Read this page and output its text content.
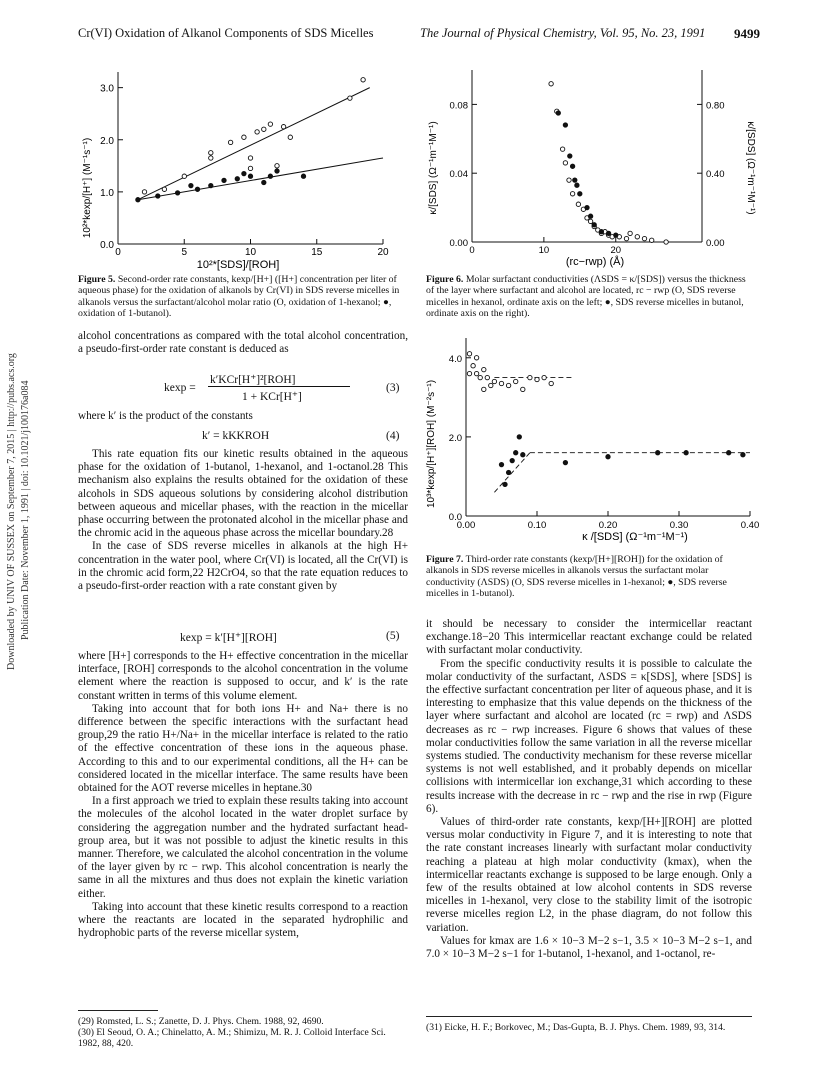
Cr(VI) Oxidation of Alkanol Components of SDS Micelles	The Journal of Physical Chemistry, Vol. 95, No. 23, 1991 9499
Downloaded by UNIV OF SUSSEX on September 7, 2015 | http://pubs.acs.org Publication Date: November 1, 1991 | doi: 10.1021/j100176a084
0.0
1.0
2.0
3.0
0	5	10	15	20
10²*kexp/[H⁺] (M⁻¹s⁻¹)
10²*[SDS]/[ROH]
Figure 5. Second-order rate constants, kexp/[H+] ([H+] concentration per liter of aqueous phase) for the oxidation of alkanols by Cr(VI) in SDS reverse micelles in alkanols versus the surfactant/alcohol molar ratio (O, oxidation of 1-hexanol; ●, oxidation of 1-butanol).
0.00
0.04
0.08
0.00
0.40
0.80
0	10	20
κ/[SDS] (Ω⁻¹m⁻¹M⁻¹)	κ/[SDS] (Ω⁻¹m⁻¹M⁻¹)
(rc−rwp) (Å)
Figure 6. Molar surfactant conductivities (ΛSDS = κ/[SDS]) versus the thickness of the layer where surfactant and alcohol are located, rc − rwp (O, SDS reverse micelles in hexanol, ordinate axis on the left; ●, SDS reverse micelles in butanol, ordinate axis on the right).
0.0
2.0
4.0
0.00	0.10	0.20	0.30	0.40
10³*kexp/[H⁺][ROH] (M⁻²s⁻¹)
κ /[SDS] (Ω⁻¹m⁻¹M⁻¹)
Figure 7. Third-order rate constants (kexp/[H+][ROH]) for the oxidation of alkanols in SDS reverse micelles in alkanols versus the surfactant molar conductivity (ΛSDS) (O, SDS reverse micelles in 1-hexanol; ●, SDS reverse micelles in 1-butanol).

alcohol concentrations as compared with the total alcohol concentration, a pseudo-first-order rate constant is deduced as

kexp =
k′KCr[H⁺]²[ROH]
1 + KCr[H⁺]
(3)

where k′ is the product of the constants

k′ = kKKROH	(4)

This rate equation fits our kinetic results obtained in the aqueous phase for the oxidation of 1-butanol, 1-hexanol, and 1-octanol.28 This mechanism also explains the results obtained for the oxidation of these alcohols in SDS aqueous solutions by considering alcohol distribution between aqueous and micellar phases, with the reaction in the micellar phase occurring between the protonated alcohol in the micellar phase and the chromic acid in the aqueous phase across the micellar boundary.28

In the case of SDS reverse micelles in alkanols at the high H+ concentration in the water pool, where Cr(VI) is located, all the Cr(VI) is in the chromic acid form,22 H2CrO4, so that the rate equation reduces to a pseudo-first-order reaction with a rate constant given by

kexp = k′[H⁺][ROH]	(5)

where [H+] corresponds to the H+ effective concentration in the micellar interface, [ROH] corresponds to the alcohol concentration in the volume element where the reaction is supposed to occur, and k′ is the rate constant written in terms of this volume element.

Taking into account that for both ions H+ and Na+ there is no difference between the specific interactions with the surfactant head group,29 the ratio H+/Na+ in the micellar interface is related to the ratio of the effective concentration of these ions in the aqueous phase. According to this and to our experimental conditions, all the H+ can be considered located in the micellar interface. The same results have been obtained for the AOT reverse micelles in heptane.30

In a first approach we tried to explain these results taking into account the molecules of the alcohol located in the water droplet surface by considering the aggregation number and the hydrated surfactant head-group area, but it was not possible to adjust the kinetic results in this manner. Therefore, we calculated the alcohol concentration in the volume of the layer given by rc − rwp. This alcohol concentration is nearly the same in all the mixtures and thus does not explain the kinetic variation either.

Taking into account that these kinetic results correspond to a reaction where the reactants are located in the separated hydrophilic and hydrophobic parts of the reverse micellar system,

(29) Romsted, L. S.; Zanette, D. J. Phys. Chem. 1988, 92, 4690.
(30) El Seoud, O. A.; Chinelatto, A. M.; Shimizu, M. R. J. Colloid Interface Sci. 1982, 88, 420.

it should be necessary to consider the intermicellar reactant exchange.18−20 This intermicellar reactant exchange could be related with surfactant molar conductivity.

From the specific conductivity results it is possible to calculate the molar conductivity of the surfactant, ΛSDS = κ[SDS], where [SDS] is the effective surfactant concentration per liter of aqueous phase, and it is interesting to emphasize that this value depends on the thickness of the layer where surfactant and alcohol are located (rc = rwp) and ΛSDS decreases as rc − rwp increases. Figure 6 shows that values of these molar conductivities follow the same variation in all the reverse micellar systems studied. The conductivity mechanism for these reverse micellar systems is not well established, and it probably depends on micellar collisions with intermicellar ion exchange,31 which according to these results increase with the decrease in rc − rwp and the rise in rwp (Figure 6).

Values of third-order rate constants, kexp/[H+][ROH] are plotted versus molar conductivity in Figure 7, and it is interesting to note that the rate constant increases linearly with surfactant molar conductivity reaching a plateau at high molar conductivity (kmax), when the intermicellar reactants exchange is supposed to be large enough. Only a few of the results obtained at low alcohol contents in SDS reverse micelles in 1-hexanol, very close to the stability limit of the isotropic reverse micelles region L2, in the phase diagram, do not follow this variation.

Values for kmax are 1.6 × 10−3 M−2 s−1, 3.5 × 10−3 M−2 s−1, and 7.0 × 10−3 M−2 s−1 for 1-butanol, 1-hexanol, and 1-octanol, re-

(31) Eicke, H. F.; Borkovec, M.; Das-Gupta, B. J. Phys. Chem. 1989, 93, 314.
